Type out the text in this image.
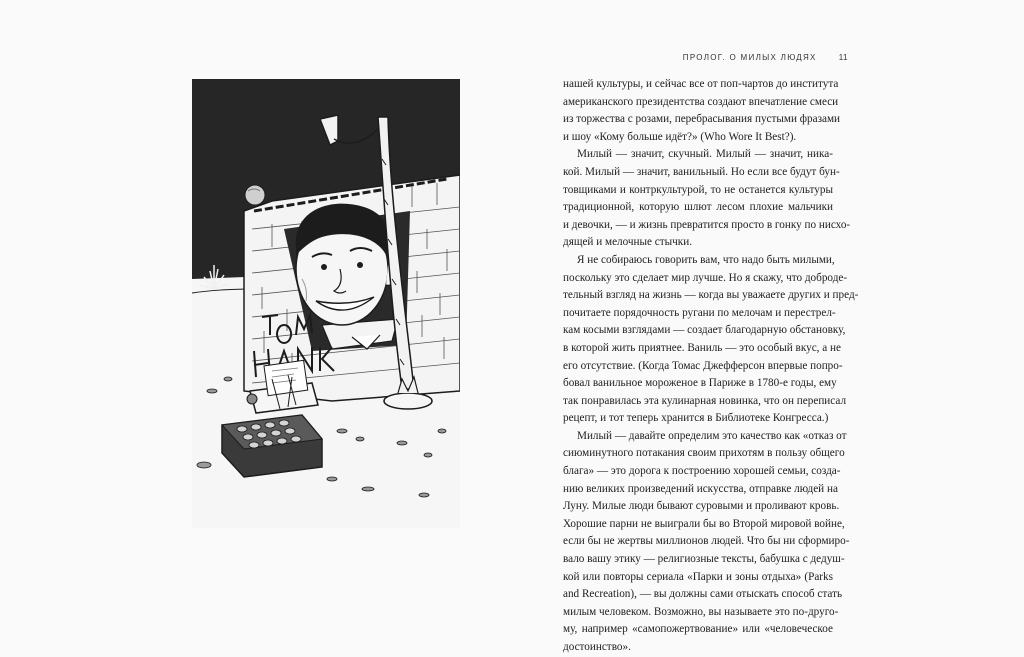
ПРОЛОГ. О МИЛЫХ ЛЮДЯХ	11

нашей культуры, и сейчас все от поп-чартов до института
американского президентства создают впечатление смеси
из торжества с розами, перебрасывания пустыми фразами
и шоу «Кому больше идёт?» (Who Wore It Best?).

Милый — значит, скучный. Милый — значит, ника-
кой. Милый — значит, ванильный. Но если все будут бун-
товщиками и контркультурой, то не останется культуры
традиционной, которую шлют лесом плохие мальчики
и девочки, — и жизнь превратится просто в гонку по нисхо-
дящей и мелочные стычки.

Я не собираюсь говорить вам, что надо быть милыми,
поскольку это сделает мир лучше. Но я скажу, что доброде-
тельный взгляд на жизнь — когда вы уважаете других и пред-
почитаете порядочность ругани по мелочам и перестрел-
кам косыми взглядами — создает благодарную обстановку,
в которой жить приятнее. Ваниль — это особый вкус, а не
его отсутствие. (Когда Томас Джефферсон впервые попро-
бовал ванильное мороженое в Париже в 1780-е годы, ему
так понравилась эта кулинарная новинка, что он переписал
рецепт, и тот теперь хранится в Библиотеке Конгресса.)

Милый — давайте определим это качество как «отказ от
сиюминутного потакания своим прихотям в пользу общего
блага» — это дорога к построению хорошей семьи, созда-
нию великих произведений искусства, отправке людей на
Луну. Милые люди бывают суровыми и проливают кровь.
Хорошие парни не выиграли бы во Второй мировой войне,
если бы не жертвы миллионов людей. Что бы ни сформиро-
вало вашу этику — религиозные тексты, бабушка с дедуш-
кой или повторы сериала «Парки и зоны отдыха» (Parks
and Recreation), — вы должны сами отыскать способ стать
милым человеком. Возможно, вы называете это по-друго-
му, например «самопожертвование» или «человеческое
достоинство».
